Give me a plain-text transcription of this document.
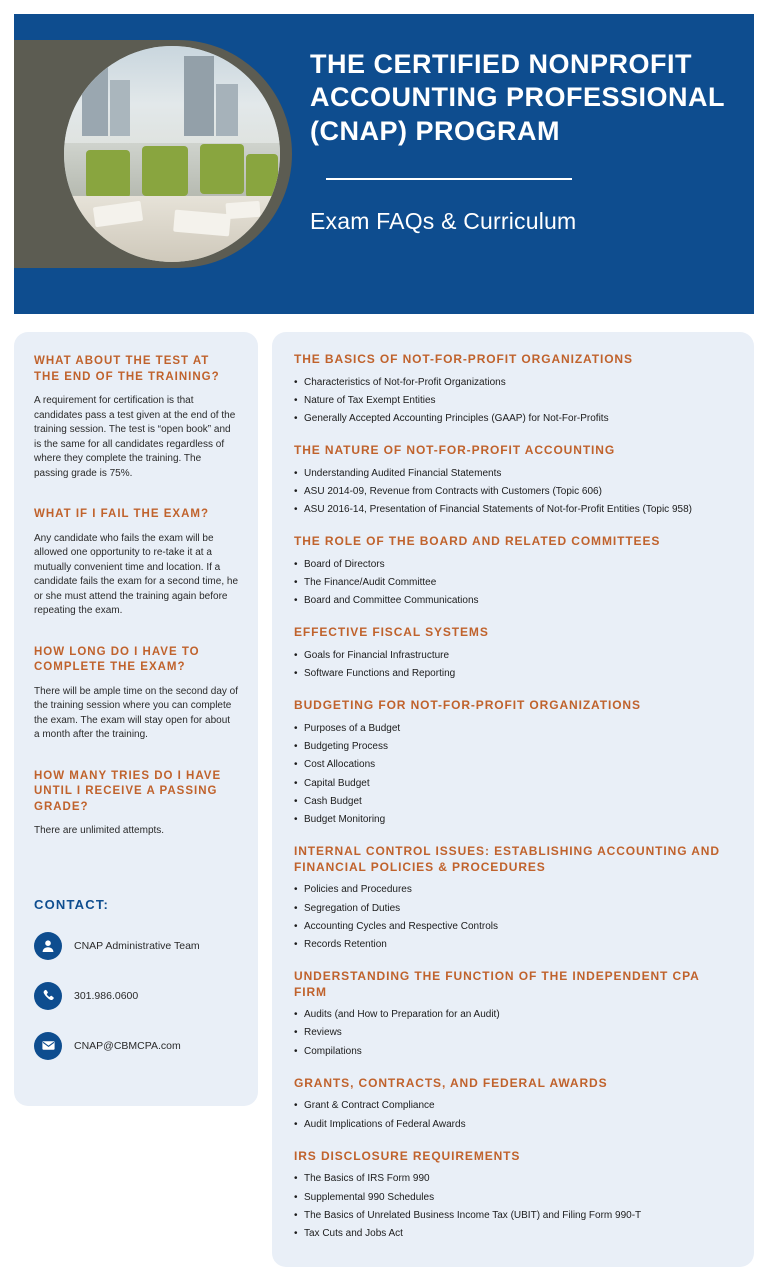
THE CERTIFIED NONPROFIT ACCOUNTING PROFESSIONAL (CNAP) PROGRAM
Exam FAQs & Curriculum
WHAT ABOUT THE TEST AT THE END OF THE TRAINING?
A requirement for certification is that candidates pass a test given at the end of the training session. The test is “open book” and is the same for all candidates regardless of where they complete the training. The passing grade is 75%.
WHAT IF I FAIL THE EXAM?
Any candidate who fails the exam will be allowed one opportunity to re-take it at a mutually convenient time and location. If a candidate fails the exam for a second time, he or she must attend the training again before repeating the exam.
HOW LONG DO I HAVE TO COMPLETE THE EXAM?
There will be ample time on the second day of the training session where you can complete the exam. The exam will stay open for about a month after the training.
HOW MANY TRIES DO I HAVE UNTIL I RECEIVE A PASSING GRADE?
There are unlimited attempts.
CONTACT:
CNAP Administrative Team
301.986.0600
CNAP@CBMCPA.com
THE BASICS OF NOT-FOR-PROFIT ORGANIZATIONS
• Characteristics of Not-for-Profit Organizations
• Nature of Tax Exempt Entities
• Generally Accepted Accounting Principles (GAAP) for Not-For-Profits
THE NATURE OF NOT-FOR-PROFIT ACCOUNTING
• Understanding Audited Financial Statements
• ASU 2014-09, Revenue from Contracts with Customers (Topic 606)
• ASU 2016-14, Presentation of Financial Statements of Not-for-Profit Entities (Topic 958)
THE ROLE OF THE BOARD AND RELATED COMMITTEES
• Board of Directors
• The Finance/Audit Committee
• Board and Committee Communications
EFFECTIVE FISCAL SYSTEMS
• Goals for Financial Infrastructure
• Software Functions and Reporting
BUDGETING FOR NOT-FOR-PROFIT ORGANIZATIONS
• Purposes of a Budget
• Budgeting Process
• Cost Allocations
• Capital Budget
• Cash Budget
• Budget Monitoring
INTERNAL CONTROL ISSUES: ESTABLISHING ACCOUNTING AND FINANCIAL POLICIES & PROCEDURES
• Policies and Procedures
• Segregation of Duties
• Accounting Cycles and Respective Controls
• Records Retention
UNDERSTANDING THE FUNCTION OF THE INDEPENDENT CPA FIRM
• Audits (and How to Preparation for an Audit)
• Reviews
• Compilations
GRANTS, CONTRACTS, AND FEDERAL AWARDS
• Grant & Contract Compliance
• Audit Implications of Federal Awards
IRS DISCLOSURE REQUIREMENTS
• The Basics of IRS Form 990
• Supplemental 990 Schedules
• The Basics of Unrelated Business Income Tax (UBIT) and Filing Form 990-T
• Tax Cuts and Jobs Act
